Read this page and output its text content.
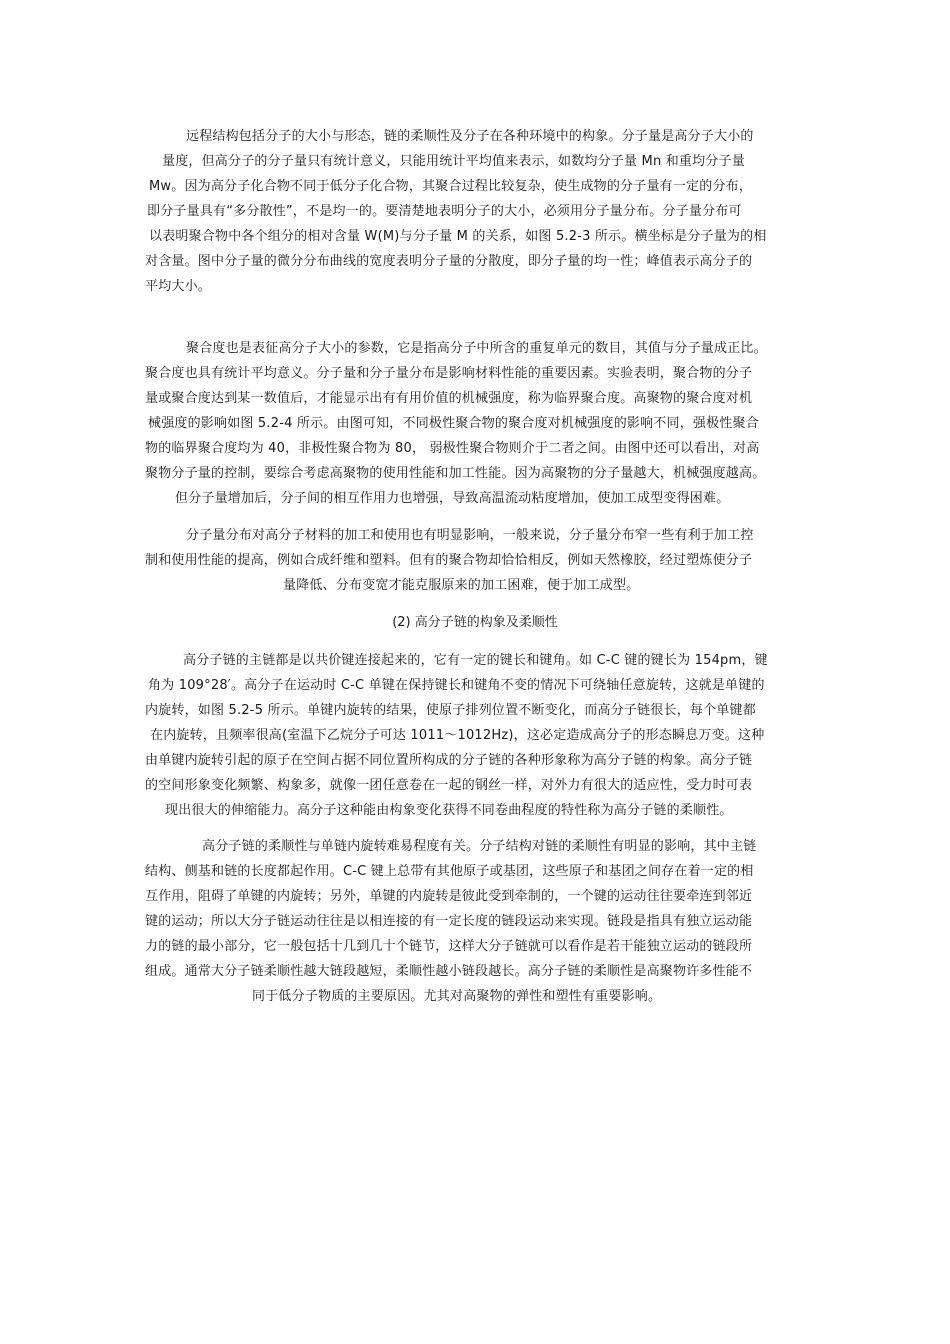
远程结构包括分子的大小与形态，链的柔顺性及分子在各种环境中的构象。分子量是高分子大小的
量度，但高分子的分子量只有统计意义，只能用统计平均值来表示，如数均分子量 Mn 和重均分子量
Mw。因为高分子化合物不同于低分子化合物，其聚合过程比较复杂，使生成物的分子量有一定的分布，
即分子量具有“多分散性”，不是均一的。要清楚地表明分子的大小，必须用分子量分布。分子量分布可
以表明聚合物中各个组分的相对含量 W(M)与分子量 M 的关系，如图 5.2-3 所示。横坐标是分子量为的相
对含量。图中分子量的微分分布曲线的宽度表明分子量的分散度，即分子量的均一性；峰值表示高分子的
平均大小。
聚合度也是表征高分子大小的参数，它是指高分子中所含的重复单元的数目，其值与分子量成正比。
聚合度也具有统计平均意义。分子量和分子量分布是影响材料性能的重要因素。实验表明，聚合物的分子
量或聚合度达到某一数值后，才能显示出有有用价值的机械强度，称为临界聚合度。高聚物的聚合度对机
械强度的影响如图 5.2-4 所示。由图可知，不同极性聚合物的聚合度对机械强度的影响不同，强极性聚合
物的临界聚合度均为 40，非极性聚合物为 80， 弱极性聚合物则介于二者之间。由图中还可以看出，对高
聚物分子量的控制，要综合考虑高聚物的使用性能和加工性能。因为高聚物的分子量越大，机械强度越高。
但分子量增加后，分子间的相互作用力也增强，导致高温流动粘度增加，使加工成型变得困难。
分子量分布对高分子材料的加工和使用也有明显影响，一般来说，分子量分布窄一些有利于加工控
制和使用性能的提高，例如合成纤维和塑料。但有的聚合物却恰恰相反，例如天然橡胶，经过塑炼使分子
量降低、分布变宽才能克服原来的加工困难，便于加工成型。
(2) 高分子链的构象及柔顺性
高分子链的主链都是以共价键连接起来的，它有一定的键长和键角。如 C-C 键的键长为 154pm，键
角为 109°28′。高分子在运动时 C-C 单键在保持键长和键角不变的情况下可绕轴任意旋转，这就是单键的
内旋转，如图 5.2-5 所示。单键内旋转的结果，使原子排列位置不断变化，而高分子链很长，每个单键都
在内旋转，且频率很高(室温下乙烷分子可达 1011～1012Hz)，这必定造成高分子的形态瞬息万变。这种
由单键内旋转引起的原子在空间占据不同位置所构成的分子链的各种形象称为高分子链的构象。高分子链
的空间形象变化频繁、构象多，就像一团任意卷在一起的钢丝一样，对外力有很大的适应性，受力时可表
现出很大的伸缩能力。高分子这种能由构象变化获得不同卷曲程度的特性称为高分子链的柔顺性。
高分子链的柔顺性与单链内旋转难易程度有关。分子结构对链的柔顺性有明显的影响，其中主链
结构、侧基和链的长度都起作用。C-C 键上总带有其他原子或基团，这些原子和基团之间存在着一定的相
互作用，阻碍了单键的内旋转；另外，单键的内旋转是彼此受到牵制的，一个键的运动往往要牵连到邻近
键的运动；所以大分子链运动往往是以相连接的有一定长度的链段运动来实现。链段是指具有独立运动能
力的链的最小部分，它一般包括十几到几十个链节，这样大分子链就可以看作是若干能独立运动的链段所
组成。通常大分子链柔顺性越大链段越短，柔顺性越小链段越长。高分子链的柔顺性是高聚物许多性能不
同于低分子物质的主要原因。尤其对高聚物的弹性和塑性有重要影响。
